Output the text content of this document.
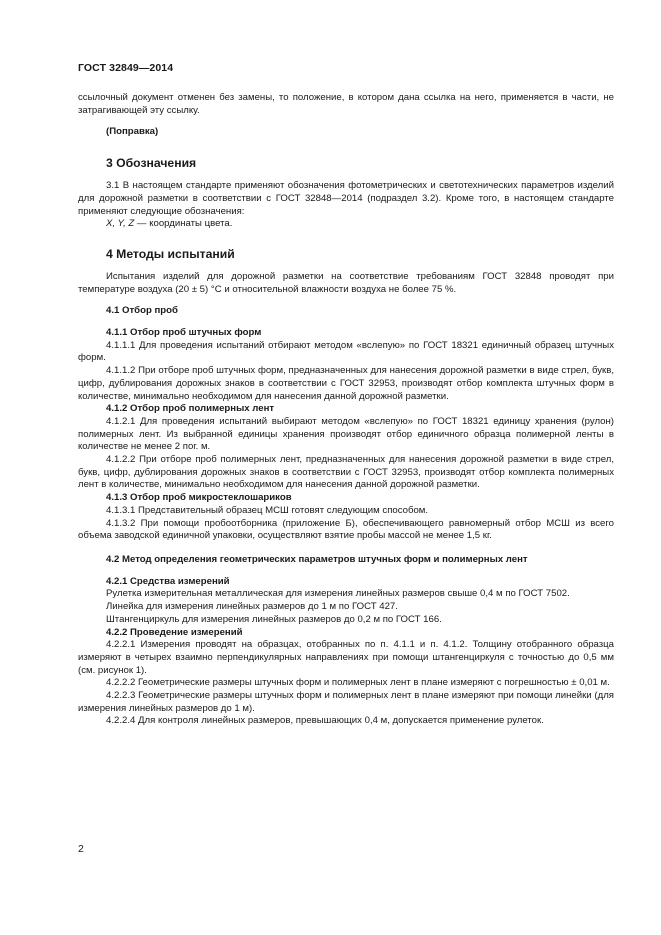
ГОСТ 32849—2014

ссылочный документ отменен без замены, то положение, в котором дана ссылка на него, применяется в части, не затрагивающей эту ссылку.

(Поправка)

3 Обозначения

3.1 В настоящем стандарте применяют обозначения фотометрических и светотехнических параметров изделий для дорожной разметки в соответствии с ГОСТ 32848—2014 (подраздел 3.2). Кроме того, в настоящем стандарте применяют следующие обозначения:

X, Y, Z — координаты цвета.

4 Методы испытаний

Испытания изделий для дорожной разметки на соответствие требованиям ГОСТ 32848 проводят при температуре воздуха (20 ± 5) °C и относительной влажности воздуха не более 75 %.

4.1 Отбор проб

4.1.1 Отбор проб штучных форм

4.1.1.1 Для проведения испытаний отбирают методом «вслепую» по ГОСТ 18321 единичный образец штучных форм.

4.1.1.2 При отборе проб штучных форм, предназначенных для нанесения дорожной разметки в виде стрел, букв, цифр, дублирования дорожных знаков в соответствии с ГОСТ 32953, производят отбор комплекта штучных форм в количестве, минимально необходимом для нанесения данной дорожной разметки.

4.1.2 Отбор проб полимерных лент

4.1.2.1 Для проведения испытаний выбирают методом «вслепую» по ГОСТ 18321 единицу хранения (рулон) полимерных лент. Из выбранной единицы хранения производят отбор единичного образца полимерной ленты в количестве не менее 2 пог. м.

4.1.2.2 При отборе проб полимерных лент, предназначенных для нанесения дорожной разметки в виде стрел, букв, цифр, дублирования дорожных знаков в соответствии с ГОСТ 32953, производят отбор комплекта полимерных лент в количестве, минимально необходимом для нанесения данной дорожной разметки.

4.1.3 Отбор проб микростеклошариков

4.1.3.1 Представительный образец МСШ готовят следующим способом.

4.1.3.2 При помощи пробоотборника (приложение Б), обеспечивающего равномерный отбор МСШ из всего объема заводской единичной упаковки, осуществляют взятие пробы массой не менее 1,5 кг.

4.2 Метод определения геометрических параметров штучных форм и полимерных лент

4.2.1 Средства измерений

Рулетка измерительная металлическая для измерения линейных размеров свыше 0,4 м по ГОСТ 7502.

Линейка для измерения линейных размеров до 1 м по ГОСТ 427.

Штангенциркуль для измерения линейных размеров до 0,2 м по ГОСТ 166.

4.2.2 Проведение измерений

4.2.2.1 Измерения проводят на образцах, отобранных по п. 4.1.1 и п. 4.1.2. Толщину отобранного образца измеряют в четырех взаимно перпендикулярных направлениях при помощи штангенциркуля с точностью до 0,5 мм (см. рисунок 1).

4.2.2.2 Геометрические размеры штучных форм и полимерных лент в плане измеряют с погрешностью ± 0,01 м.

4.2.2.3 Геометрические размеры штучных форм и полимерных лент в плане измеряют при помощи линейки (для измерения линейных размеров до 1 м).

4.2.2.4 Для контроля линейных размеров, превышающих 0,4 м, допускается применение рулеток.

2
